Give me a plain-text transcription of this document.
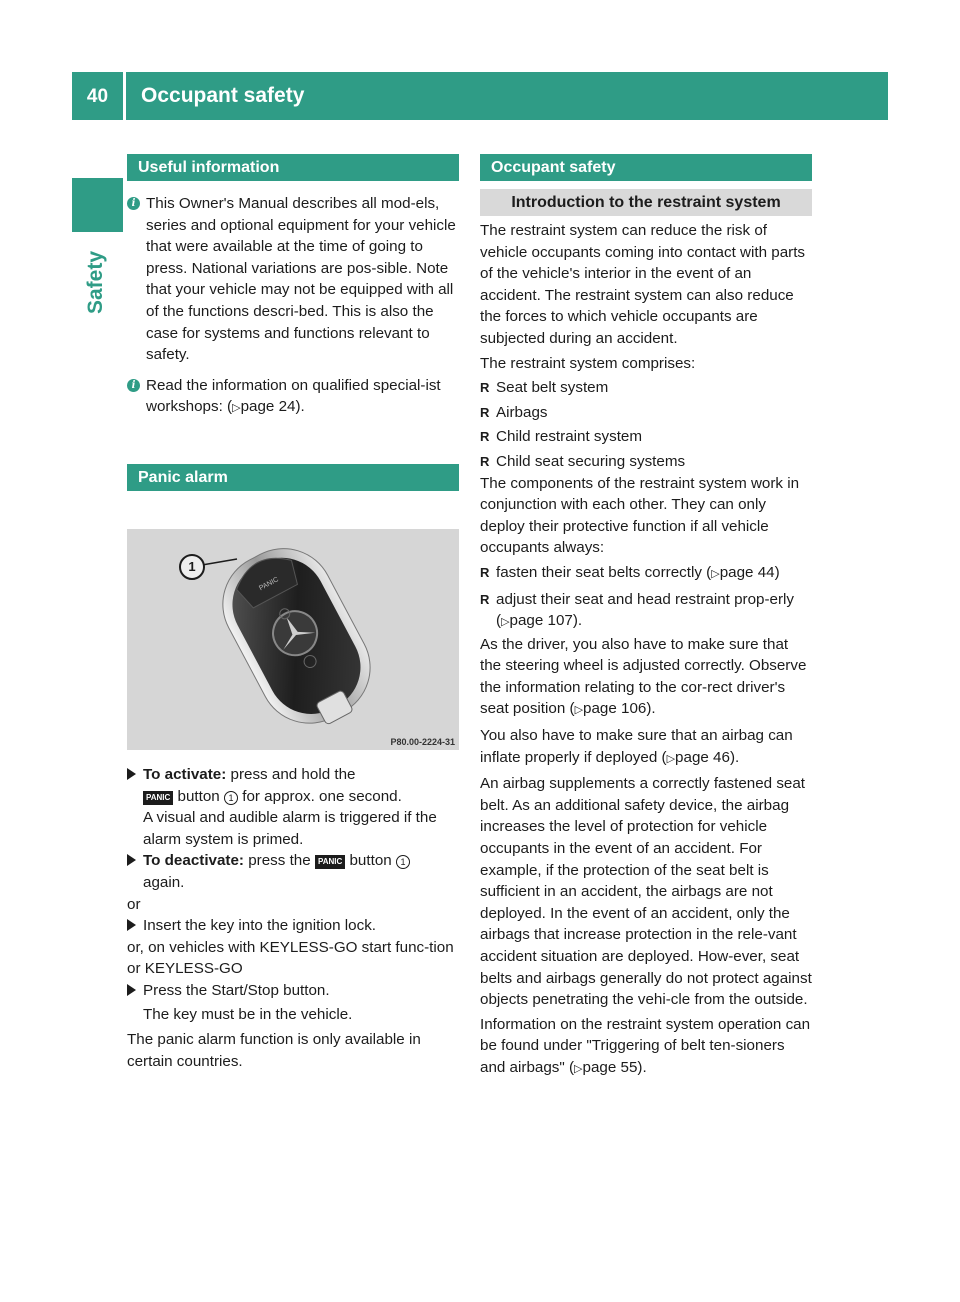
40	Occupant safety
Safety
Useful information

i This Owner's Manual describes all mod-els, series and optional equipment for your vehicle that were available at the time of going to press. National variations are pos-sible. Note that your vehicle may not be equipped with all of the functions descri-bed. This is also the case for systems and functions relevant to safety.

i Read the information on qualified special-ist workshops: (▷page 24).

Panic alarm
PANIC
1
P80.00-2224-31

To activate: press and hold the
PANIC button 1 for approx. one second.
A visual and audible alarm is triggered if the alarm system is primed.

To deactivate: press the PANIC button 1
again.

or

Insert the key into the ignition lock.

or, on vehicles with KEYLESS-GO start func-tion or KEYLESS-GO

Press the Start/Stop button.

The key must be in the vehicle.

The panic alarm function is only available in certain countries.

Occupant safety
Introduction to the restraint system

The restraint system can reduce the risk of vehicle occupants coming into contact with parts of the vehicle's interior in the event of an accident. The restraint system can also reduce the forces to which vehicle occupants are subjected during an accident.

The restraint system comprises:

R Seat belt system

R Airbags

R Child restraint system

R Child seat securing systems

The components of the restraint system work in conjunction with each other. They can only deploy their protective function if all vehicle occupants always:

R fasten their seat belts correctly (▷page 44)

R adjust their seat and head restraint prop-erly (▷page 107).

As the driver, you also have to make sure that the steering wheel is adjusted correctly. Observe the information relating to the cor-rect driver's seat position (▷page 106).

You also have to make sure that an airbag can inflate properly if deployed (▷page 46).

An airbag supplements a correctly fastened seat belt. As an additional safety device, the airbag increases the level of protection for vehicle occupants in the event of an accident. For example, if the protection of the seat belt is sufficient in an accident, the airbags are not deployed. In the event of an accident, only the airbags that increase protection in the rele-vant accident situation are deployed. How-ever, seat belts and airbags generally do not protect against objects penetrating the vehi-cle from the outside.

Information on the restraint system operation can be found under "Triggering of belt ten-sioners and airbags" (▷page 55).
